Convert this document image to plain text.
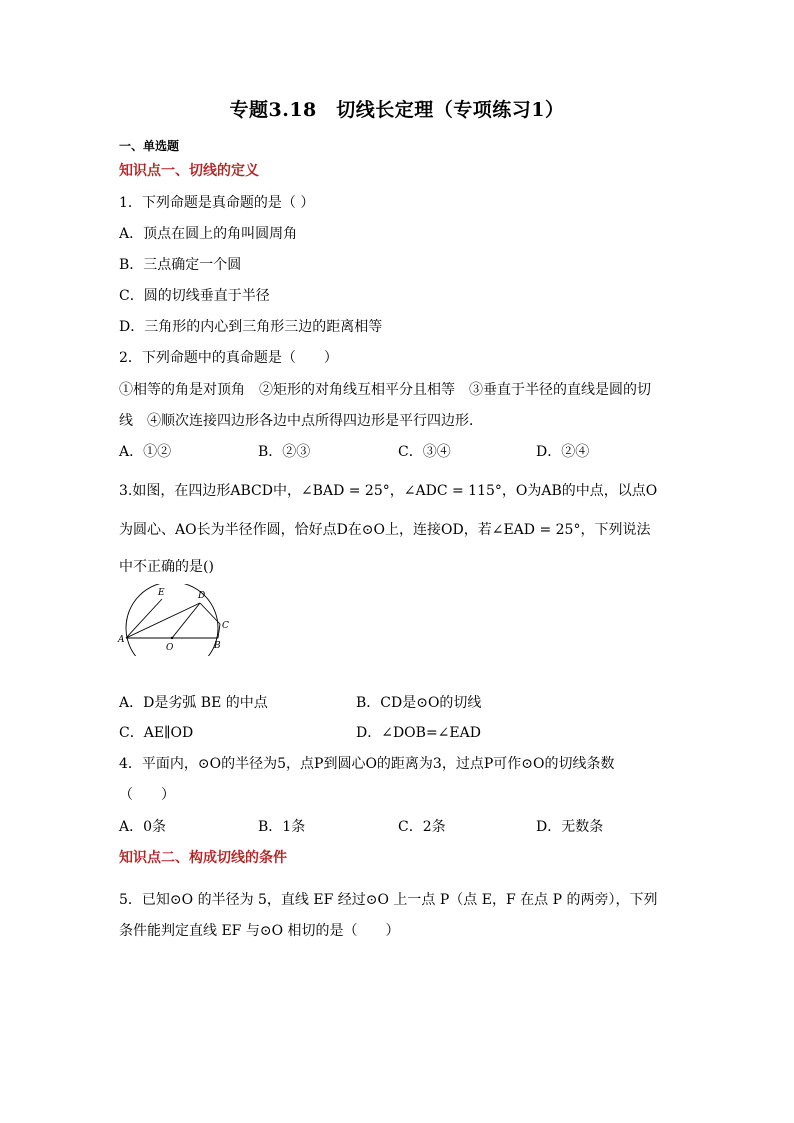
专题3.18　切线长定理（专项练习1）
一、单选题
知识点一、切线的定义
1．下列命题是真命题的是（ ）
A．顶点在圆上的角叫圆周角
B．三点确定一个圆
C．圆的切线垂直于半径
D．三角形的内心到三角形三边的距离相等
2．下列命题中的真命题是（　　）
①相等的角是对顶角　②矩形的对角线互相平分且相等　③垂直于半径的直线是圆的切
线　④顺次连接四边形各边中点所得四边形是平行四边形．
A．①②	B．②③	C．③④	D．②④
3.如图，在四边形ABCD中，∠BAD = 25°，∠ADC = 115°，O为AB的中点，以点O
为圆心、AO长为半径作圆，恰好点D在⊙O上，连接OD，若∠EAD = 25°，下列说法
中不正确的是()
E	D
C
A
O	B
A．D是劣弧 BE 的中点	B．CD是⊙O的切线
C．AE∥OD	D．∠DOB=∠EAD
4．平面内，⊙O的半径为5，点P到圆心O的距离为3，过点P可作⊙O的切线条数
（　　）
A．0条	B．1条	C．2条	D．无数条
知识点二、构成切线的条件
5．已知⊙O 的半径为 5，直线 EF 经过⊙O 上一点 P（点 E，F 在点 P 的两旁），下列
条件能判定直线 EF 与⊙O 相切的是（　　）
